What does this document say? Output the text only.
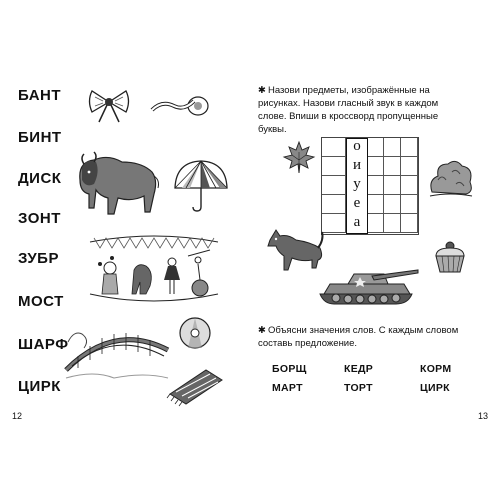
БАНТ
БИНТ
ДИСК
ЗОНТ
ЗУБР
МОСТ
ШАРФ
ЦИРК
12
✱ Назови предметы, изображённые на рисунках. Назови гласный звук в каждом слове. Впиши в кроссворд пропущенные буквы.
о
и
у
е
а
✱ Объясни значения слов. С каждым словом составь предложение.
БОРЩ	КЕДР	КОРМ
МАРТ	ТОРТ	ЦИРК
13
